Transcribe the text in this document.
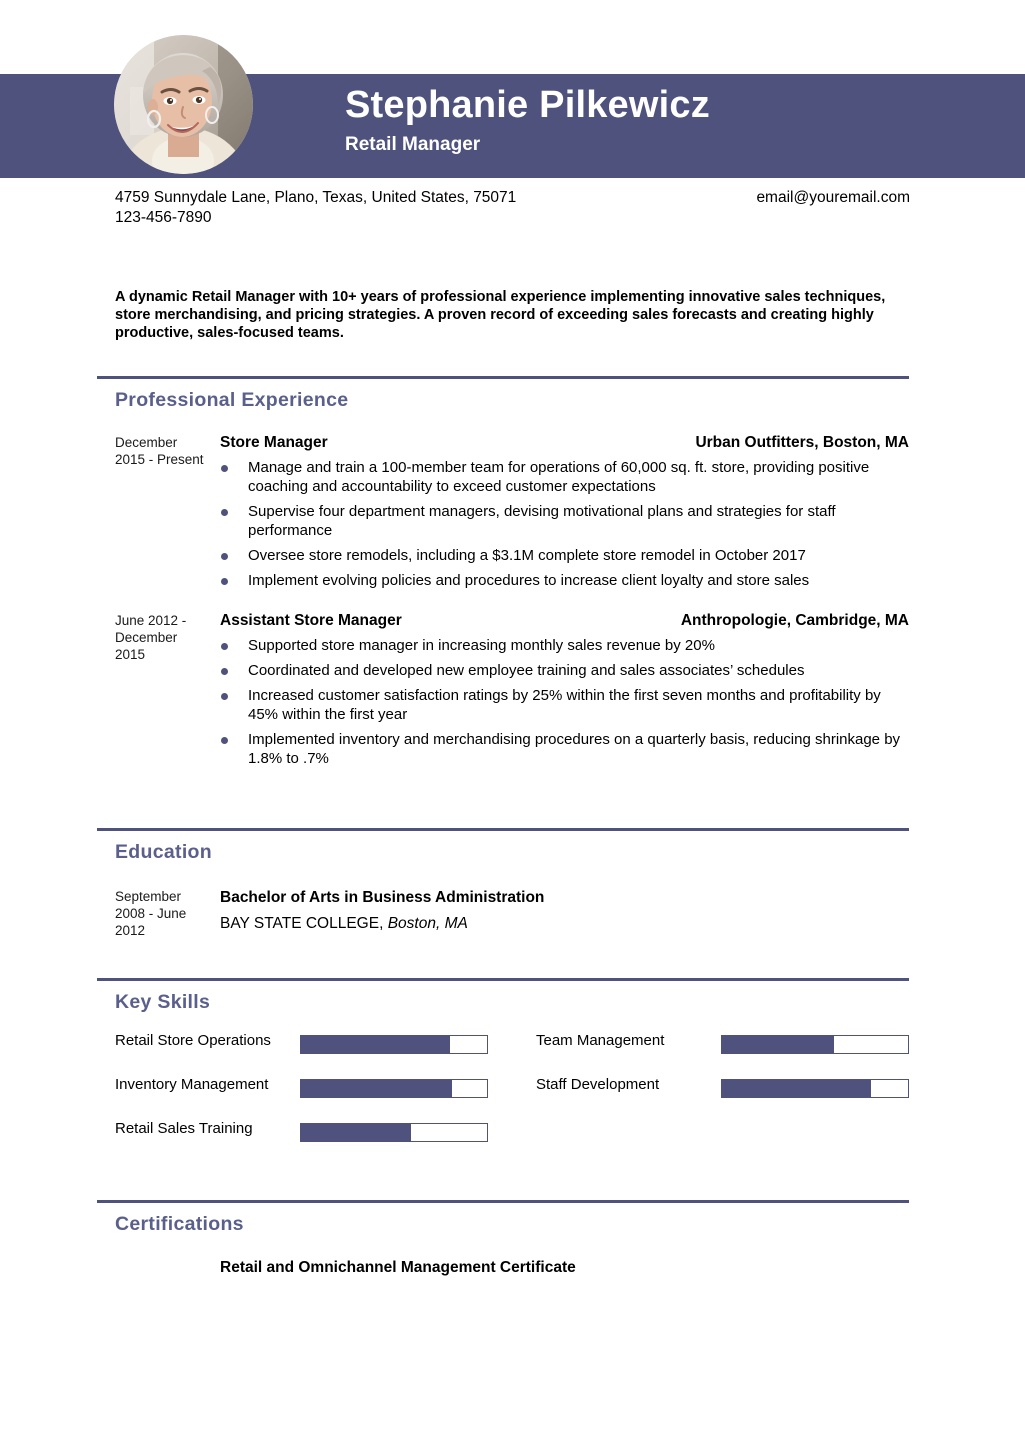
Stephanie Pilkewicz
Retail Manager
4759 Sunnydale Lane, Plano, Texas, United States, 75071
123-456-7890
email@youremail.com
A dynamic Retail Manager with 10+ years of professional experience implementing innovative sales techniques, store merchandising, and pricing strategies. A proven record of exceeding sales forecasts and creating highly productive, sales-focused teams.
Professional Experience
December 2015 - Present
Store Manager	Urban Outfitters, Boston, MA
Manage and train a 100-member team for operations of 60,000 sq. ft. store, providing positive coaching and accountability to exceed customer expectations
Supervise four department managers, devising motivational plans and strategies for staff performance
Oversee store remodels, including a $3.1M complete store remodel in October 2017
Implement evolving policies and procedures to increase client loyalty and store sales
June 2012 - December 2015
Assistant Store Manager	Anthropologie, Cambridge, MA
Supported store manager in increasing monthly sales revenue by 20%
Coordinated and developed new employee training and sales associates’ schedules
Increased customer satisfaction ratings by 25% within the first seven months and profitability by 45% within the first year
Implemented inventory and merchandising procedures on a quarterly basis, reducing shrinkage by 1.8% to .7%
Education
September 2008 - June 2012
Bachelor of Arts in Business Administration
BAY STATE COLLEGE, Boston, MA
Key Skills
Retail Store Operations
Inventory Management
Retail Sales Training
Team Management
Staff Development
Certifications
Retail and Omnichannel Management Certificate
